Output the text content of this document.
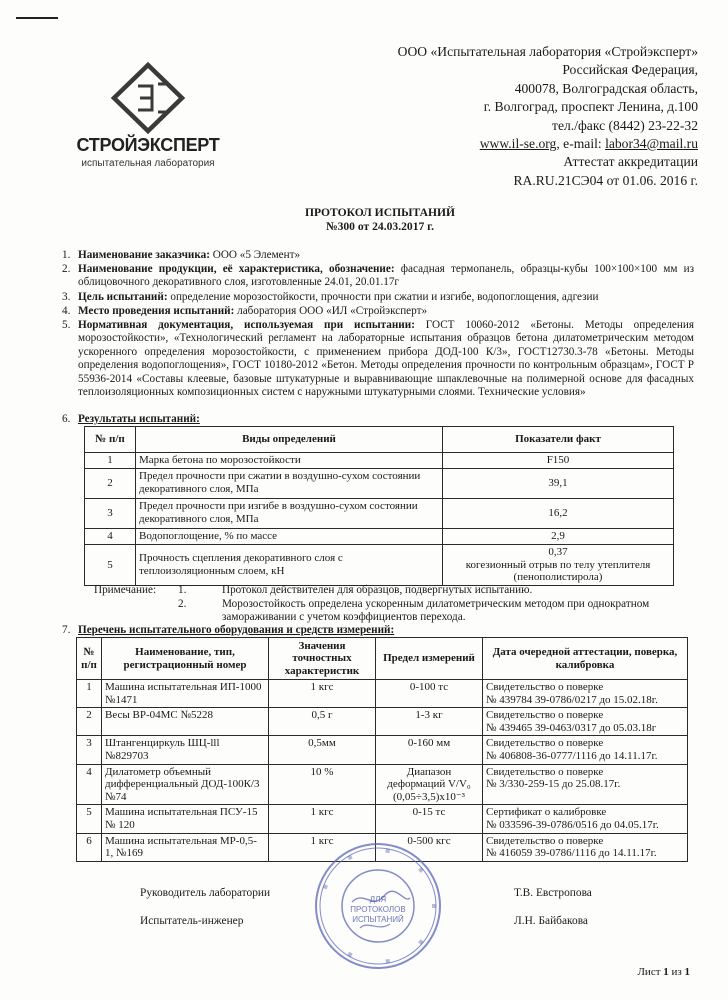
СТРОЙЭКСПЕРТ
испытательная лаборатория
ООО «Испытательная лаборатория «Стройэксперт»
Российская Федерация,
400078, Волгоградская область,
г. Волгоград, проспект Ленина, д.100
тел./факс (8442) 23-22-32
www.il-se.org, e-mail: labor34@mail.ru
Аттестат аккредитации
RA.RU.21СЭ04 от 01.06. 2016 г.
ПРОТОКОЛ ИСПЫТАНИЙ
№300 от 24.03.2017 г.
1. Наименование заказчика: ООО «5 Элемент»
2. Наименование продукции, её характеристика, обозначение: фасадная термопанель, образцы-кубы 100×100×100 мм из облицовочного декоративного слоя, изготовленные 24.01, 20.01.17г
3. Цель испытаний: определение морозостойкости, прочности при сжатии и изгибе, водопоглощения, адгезии
4. Место проведения испытаний: лаборатория ООО «ИЛ «Стройэксперт»
5. Нормативная документация, используемая при испытании: ГОСТ 10060-2012 «Бетоны. Методы определения морозостойкости», «Технологический регламент на лабораторные испытания образцов бетона дилатометрическим методом ускоренного определения морозостойкости, с применением прибора ДОД-100 К/3», ГОСТ12730.3-78 «Бетоны. Методы определения водопоглощения», ГОСТ 10180-2012 «Бетон. Методы определения прочности по контрольным образцам», ГОСТ Р 55936-2014 «Составы клеевые, базовые штукатурные и выравнивающие шпаклевочные на полимерной основе для фасадных теплоизоляционных композиционных систем с наружными штукатурными слоями. Технические условия»
6. Результаты испытаний:
№ п/п	Виды определений	Показатели факт
1	Марка бетона по морозостойкости	F150
2	Предел прочности при сжатии в воздушно-сухом состоянии декоративного слоя, МПа	39,1
3	Предел прочности при изгибе в воздушно-сухом состоянии декоративного слоя, МПа	16,2
4	Водопоглощение, % по массе	2,9
5	Прочность сцепления декоративного слоя с теплоизоляционным слоем, кН	0,37
когезионный отрыв по телу утеплителя
(пенополистирола)
Примечание: 1.	Протокол действителен для образцов, подвергнутых испытанию.
2.	Морозостойкость определена ускоренным дилатометрическим методом при однократном замораживании с учетом коэффициентов перехода.
7. Перечень испытательного оборудования и средств измерений:
№ п/п	Наименование, тип, регистрационный номер	Значения точностных характеристик	Предел измерений	Дата очередной аттестации, поверка, калибровка
1	Машина испытательная ИП-1000 №1471	1 кгс	0-100 тс	Свидетельство о поверке
№ 439784 39-0786/0217 до 15.02.18г.

2	Весы ВР-04МС №5228	0,5 г	1-3 кг	Свидетельство о поверке
№ 439465 39-0463/0317 до 05.03.18г

3	Штангенциркуль ШЦ-lll №829703	0,5мм	0-160 мм	Свидетельство о поверке
№ 406808-36-0777/1116 до 14.11.17г.

4	Дилатометр объемный дифференциальный ДОД-100К/3 №74	10 %	Диапазон деформаций V/V₀ (0,05÷3,5)x10⁻³	Свидетельство о поверке
№ 3/330-259-15 до 25.08.17г.

5	Машина испытательная ПСУ-15 № 120	1 кгс	0-15 тс	Сертификат о калибровке
№ 033596-39-0786/0516 до 04.05.17г.

6	Машина испытательная МР-0,5-1, №169	1 кгс	0-500 кгс	Свидетельство о поверке
№ 416059 39-0786/1116 до 14.11.17г.
ДЛЯ
ПРОТОКОЛОВ
ИСПЫТАНИЙ
Руководитель лаборатории	Т.В. Евстропова
Испытатель-инженер	Л.Н. Байбакова
Лист 1 из 1
